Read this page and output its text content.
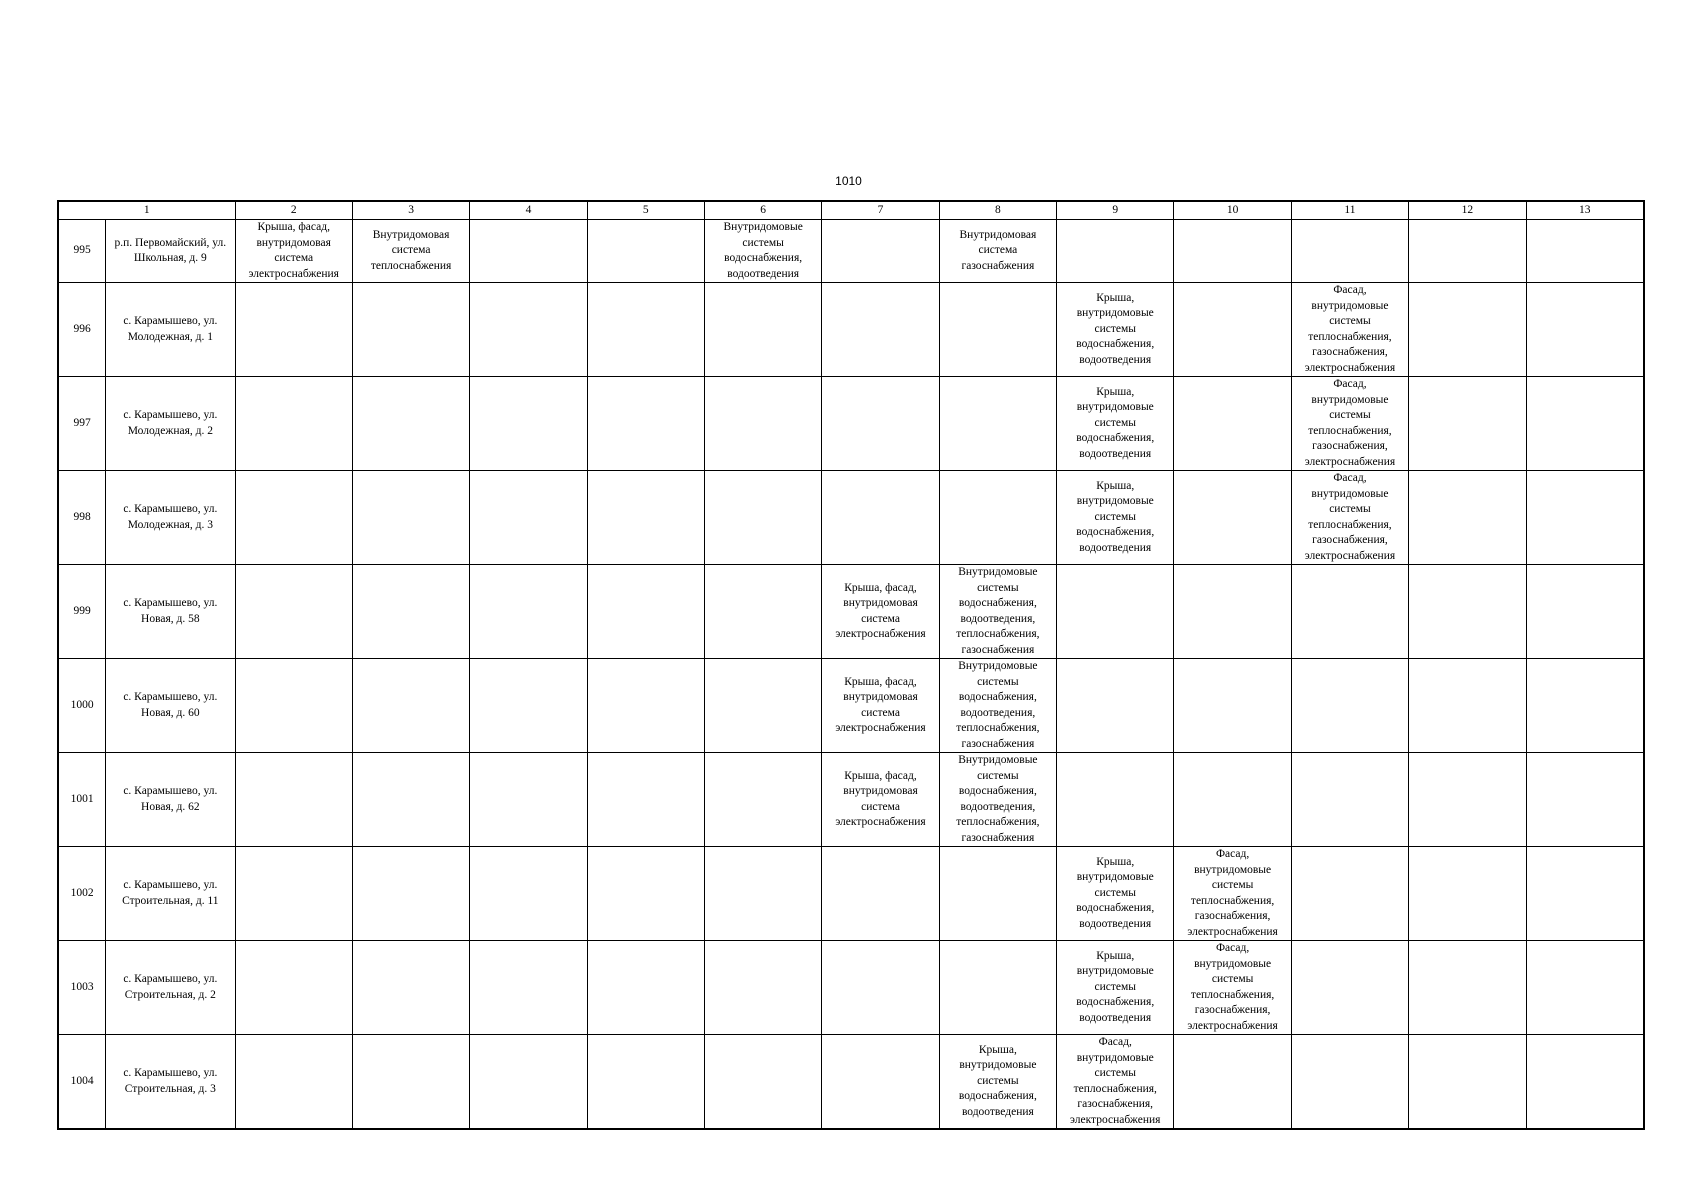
1010
1		2	3	4	5	6	7	8	9	10	11	12	13
995	р.п. Первомайский, ул. Школьная, д. 9	Крыша, фасад, внутридомовая система электроснабжения	Внутридомовая система теплоснабжения			Внутридомовые системы водоснабжения, водоотведения		Внутридомовая система газоснабжения					
996	с. Карамышево, ул. Молодежная, д. 1								Крыша, внутридомовые системы водоснабжения, водоотведения		Фасад, внутридомовые системы теплоснабжения, газоснабжения, электроснабжения		
997	с. Карамышево, ул. Молодежная, д. 2								Крыша, внутридомовые системы водоснабжения, водоотведения		Фасад, внутридомовые системы теплоснабжения, газоснабжения, электроснабжения		
998	с. Карамышево, ул. Молодежная, д. 3								Крыша, внутридомовые системы водоснабжения, водоотведения		Фасад, внутридомовые системы теплоснабжения, газоснабжения, электроснабжения		
999	с. Карамышево, ул. Новая, д. 58						Крыша, фасад, внутридомовая система электроснабжения	Внутридомовые системы водоснабжения, водоотведения, теплоснабжения, газоснабжения					
1000	с. Карамышево, ул. Новая, д. 60						Крыша, фасад, внутридомовая система электроснабжения	Внутридомовые системы водоснабжения, водоотведения, теплоснабжения, газоснабжения					
1001	с. Карамышево, ул. Новая, д. 62						Крыша, фасад, внутридомовая система электроснабжения	Внутридомовые системы водоснабжения, водоотведения, теплоснабжения, газоснабжения					
1002	с. Карамышево, ул. Строительная, д. 11								Крыша, внутридомовые системы водоснабжения, водоотведения	Фасад, внутридомовые системы теплоснабжения, газоснабжения, электроснабжения			
1003	с. Карамышево, ул. Строительная, д. 2								Крыша, внутридомовые системы водоснабжения, водоотведения	Фасад, внутридомовые системы теплоснабжения, газоснабжения, электроснабжения			
1004	с. Карамышево, ул. Строительная, д. 3							Крыша, внутридомовые системы водоснабжения, водоотведения	Фасад, внутридомовые системы теплоснабжения, газоснабжения, электроснабжения				
